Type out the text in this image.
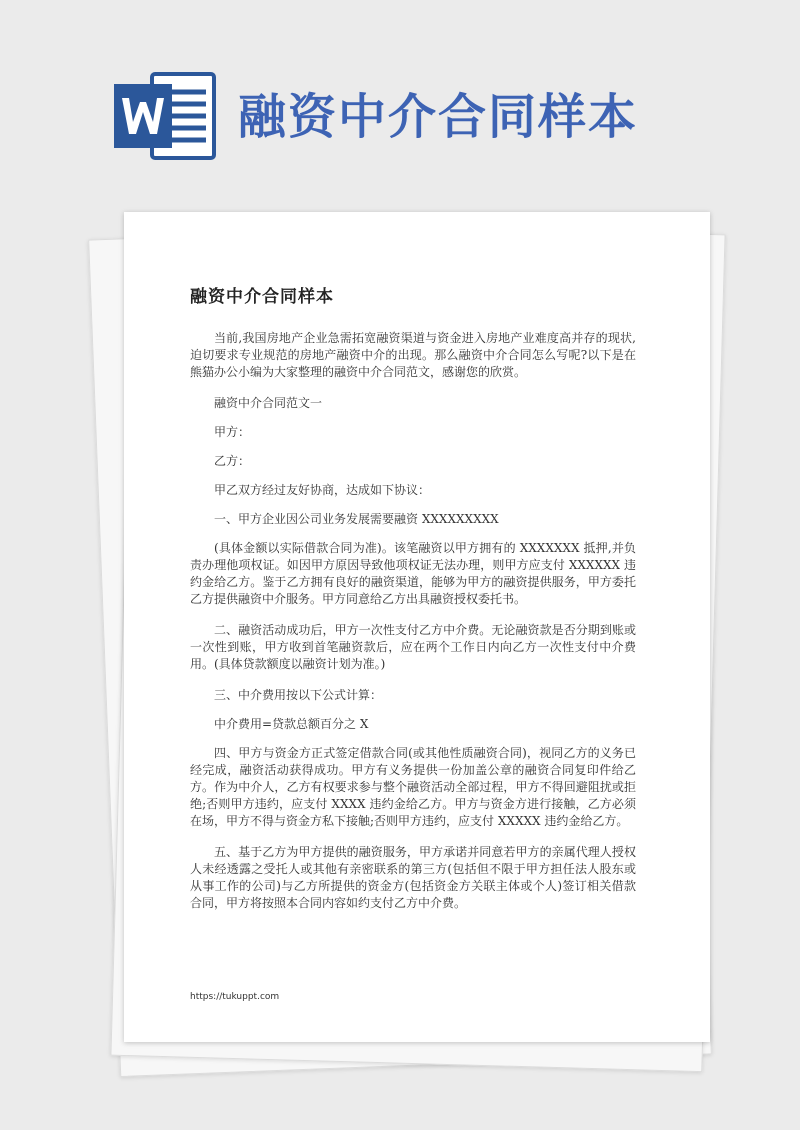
融资中介合同样本
融资中介合同样本

当前,我国房地产企业急需拓宽融资渠道与资金进入房地产业难度高并存的现状,迫切要求专业规范的房地产融资中介的出现。那么融资中介合同怎么写呢?以下是在熊猫办公小编为大家整理的融资中介合同范文，感谢您的欣赏。

融资中介合同范文一

甲方：

乙方：

甲乙双方经过友好协商，达成如下协议：

一、甲方企业因公司业务发展需要融资 XXXXXXXXX

(具体金额以实际借款合同为准)。该笔融资以甲方拥有的 XXXXXXX 抵押,并负责办理他项权证。如因甲方原因导致他项权证无法办理，则甲方应支付 XXXXXX 违约金给乙方。鉴于乙方拥有良好的融资渠道，能够为甲方的融资提供服务，甲方委托乙方提供融资中介服务。甲方同意给乙方出具融资授权委托书。

二、融资活动成功后，甲方一次性支付乙方中介费。无论融资款是否分期到账或一次性到账，甲方收到首笔融资款后，应在两个工作日内向乙方一次性支付中介费用。(具体贷款额度以融资计划为准。)

三、中介费用按以下公式计算：

中介费用=贷款总额百分之 X

四、甲方与资金方正式签定借款合同(或其他性质融资合同)，视同乙方的义务已经完成，融资活动获得成功。甲方有义务提供一份加盖公章的融资合同复印件给乙方。作为中介人，乙方有权要求参与整个融资活动全部过程，甲方不得回避阻扰或拒绝;否则甲方违约，应支付 XXXX 违约金给乙方。甲方与资金方进行接触，乙方必须在场，甲方不得与资金方私下接触;否则甲方违约，应支付 XXXXX 违约金给乙方。

五、基于乙方为甲方提供的融资服务，甲方承诺并同意若甲方的亲属代理人授权人未经透露之受托人或其他有亲密联系的第三方(包括但不限于甲方担任法人股东或从事工作的公司)与乙方所提供的资金方(包括资金方关联主体或个人)签订相关借款合同，甲方将按照本合同内容如约支付乙方中介费。

https://tukuppt.com
